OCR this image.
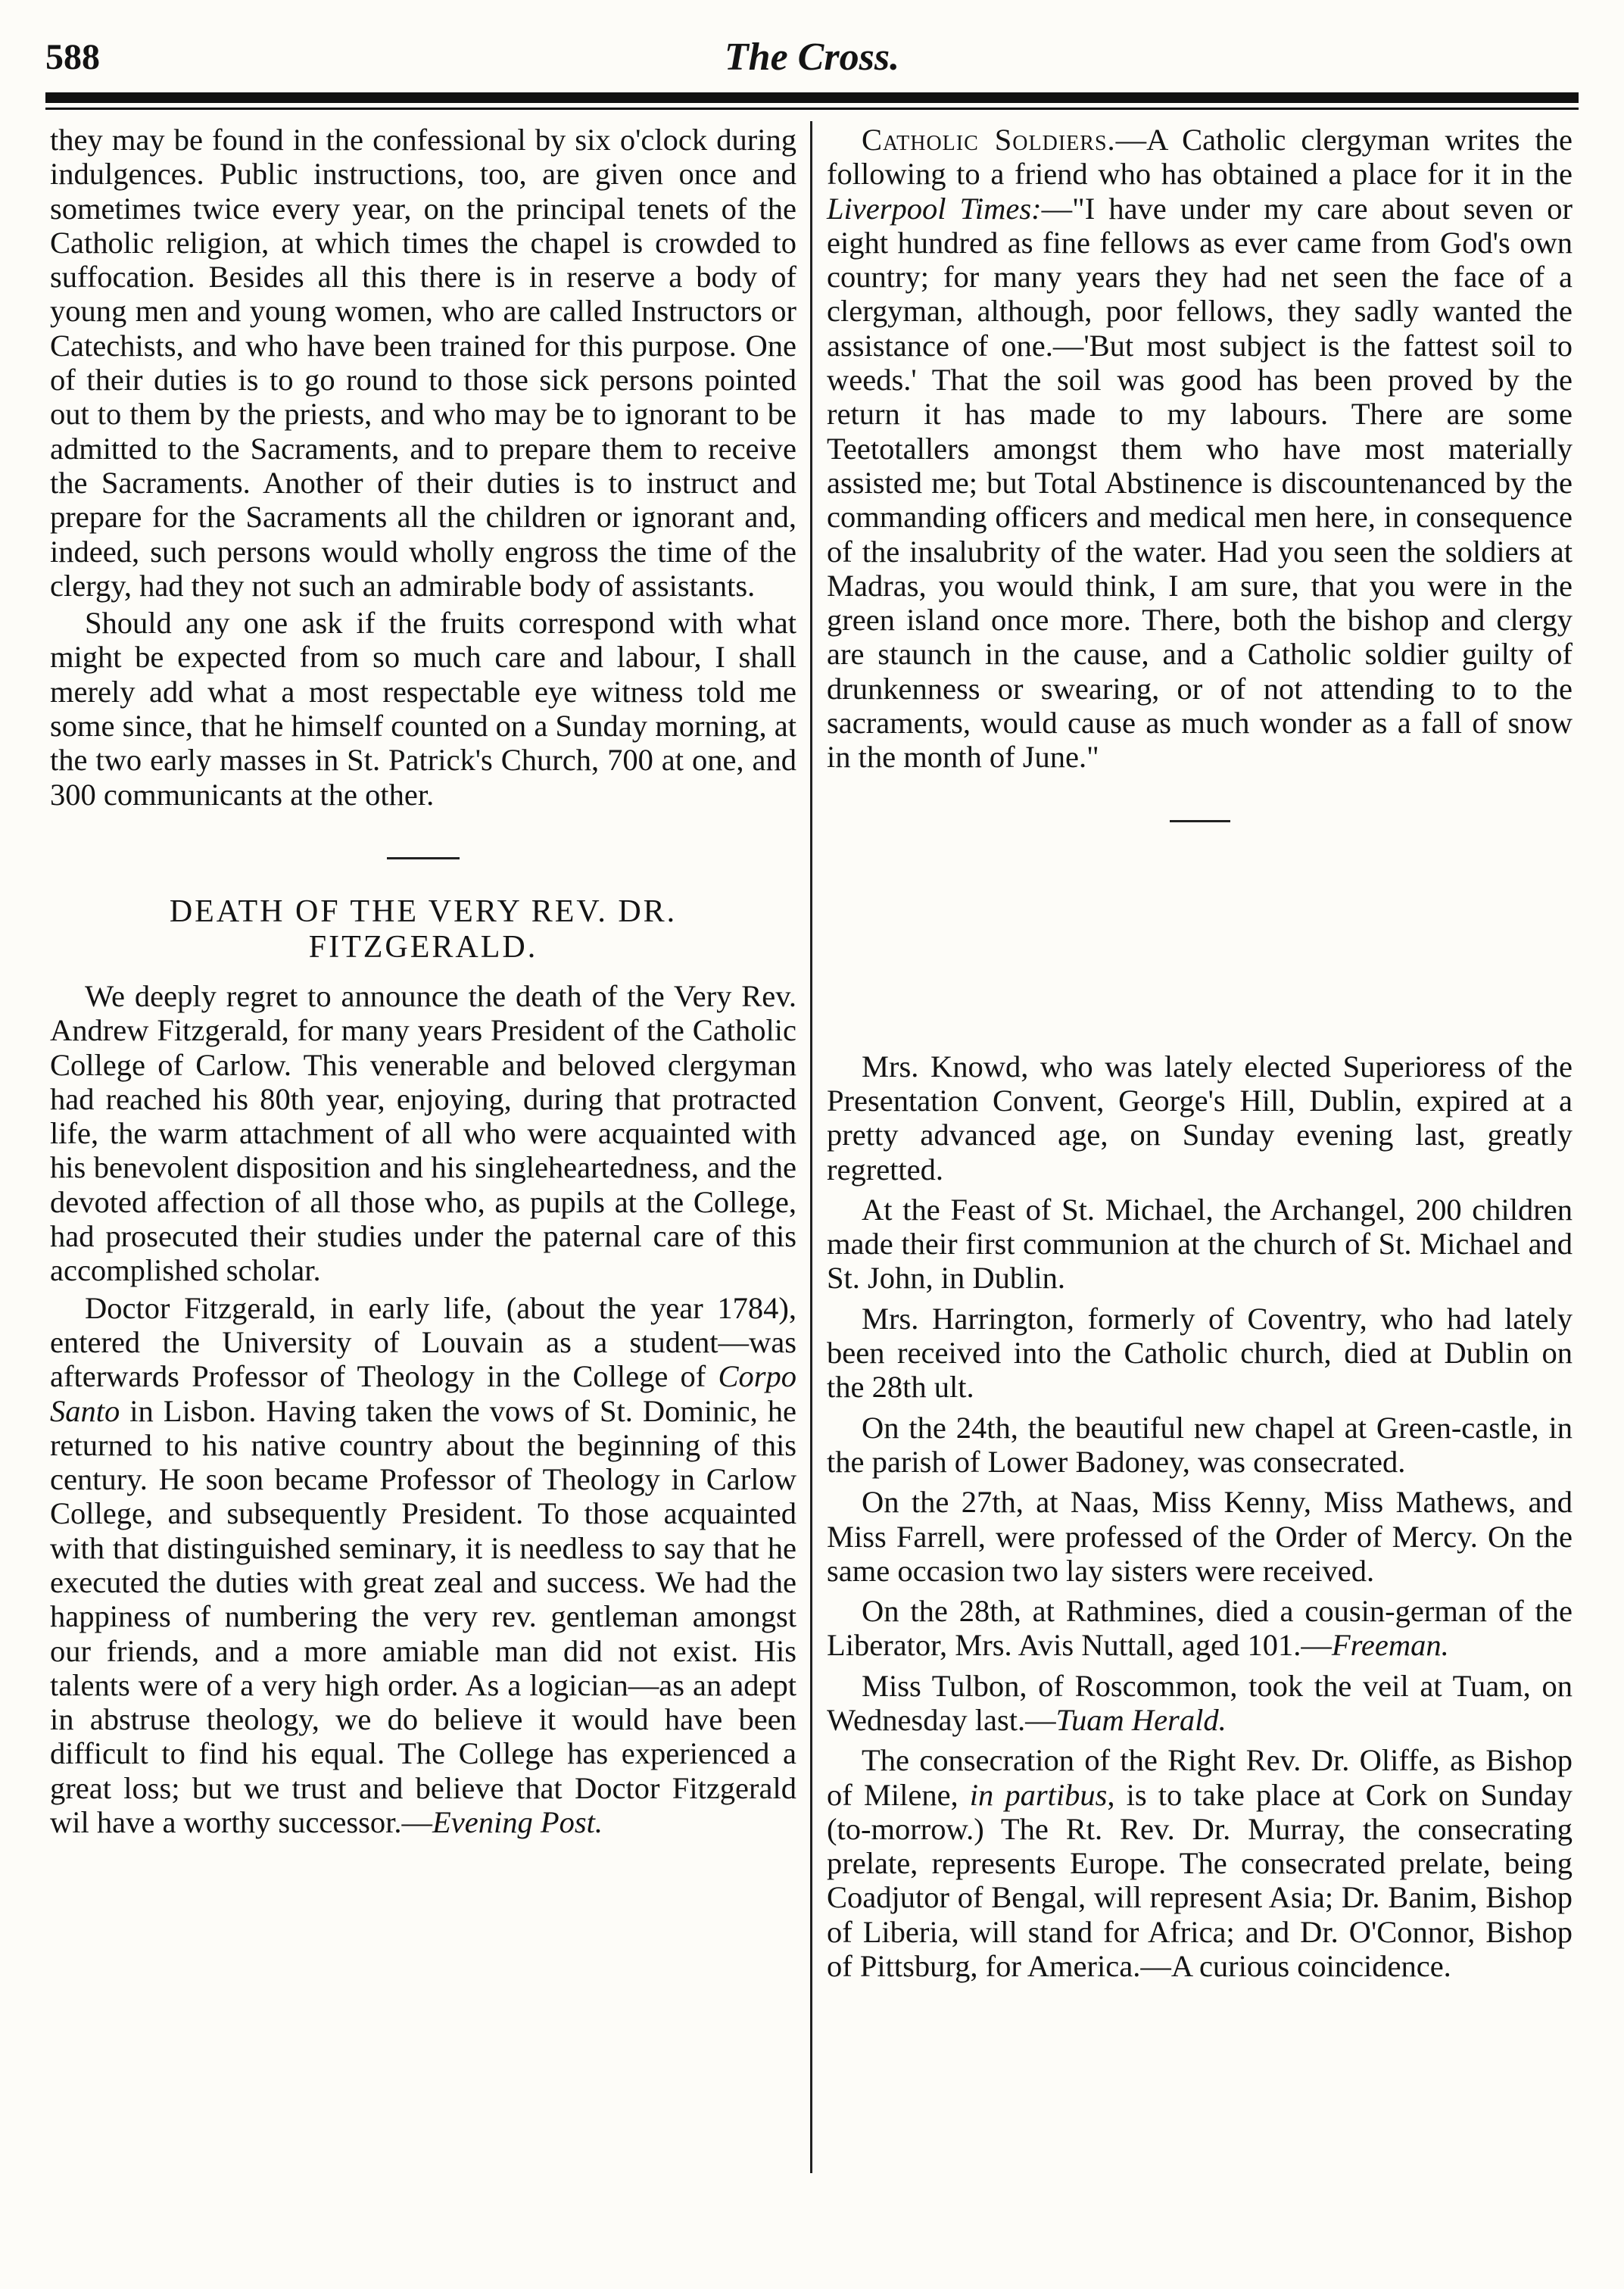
588	The Cross.

they may be found in the confessional by six o'clock during indulgences. Public instructions, too, are given once and sometimes twice every year, on the principal tenets of the Catholic religion, at which times the chapel is crowded to suffocation. Besides all this there is in reserve a body of young men and young women, who are called Instructors or Catechists, and who have been trained for this purpose. One of their duties is to go round to those sick persons pointed out to them by the priests, and who may be to ignorant to be admitted to the Sacraments, and to prepare them to receive the Sacraments. Another of their duties is to instruct and prepare for the Sacraments all the children or ignorant and, indeed, such persons would wholly engross the time of the clergy, had they not such an admirable body of assistants.

Should any one ask if the fruits correspond with what might be expected from so much care and labour, I shall merely add what a most respectable eye witness told me some since, that he himself counted on a Sunday morning, at the two early masses in St. Patrick's Church, 700 at one, and 300 communicants at the other.

DEATH OF THE VERY REV. DR. FITZGERALD.

We deeply regret to announce the death of the Very Rev. Andrew Fitzgerald, for many years President of the Catholic College of Carlow. This venerable and beloved clergyman had reached his 80th year, enjoying, during that protracted life, the warm attachment of all who were acquainted with his benevolent disposition and his singleheartedness, and the devoted affection of all those who, as pupils at the College, had prosecuted their studies under the paternal care of this accomplished scholar.

Doctor Fitzgerald, in early life, (about the year 1784), entered the University of Louvain as a student—was afterwards Professor of Theology in the College of Corpo Santo in Lisbon. Having taken the vows of St. Dominic, he returned to his native country about the beginning of this century. He soon became Professor of Theology in Carlow College, and subsequently President. To those acquainted with that distinguished seminary, it is needless to say that he executed the duties with great zeal and success. We had the happiness of numbering the very rev. gentleman amongst our friends, and a more amiable man did not exist. His talents were of a very high order. As a logician—as an adept in abstruse theology, we do believe it would have been difficult to find his equal. The College has experienced a great loss; but we trust and believe that Doctor Fitzgerald wil have a worthy successor.—Evening Post.

Catholic Soldiers.—A Catholic clergyman writes the following to a friend who has obtained a place for it in the Liverpool Times:—"I have under my care about seven or eight hundred as fine fellows as ever came from God's own country; for many years they had net seen the face of a clergyman, although, poor fellows, they sadly wanted the assistance of one.—'But most subject is the fattest soil to weeds.' That the soil was good has been proved by the return it has made to my labours. There are some Teetotallers amongst them who have most materially assisted me; but Total Abstinence is discountenanced by the commanding officers and medical men here, in consequence of the insalubrity of the water. Had you seen the soldiers at Madras, you would think, I am sure, that you were in the green island once more. There, both the bishop and clergy are staunch in the cause, and a Catholic soldier guilty of drunkenness or swearing, or of not attending to to the sacraments, would cause as much wonder as a fall of snow in the month of June."

Mrs. Knowd, who was lately elected Superioress of the Presentation Convent, George's Hill, Dublin, expired at a pretty advanced age, on Sunday evening last, greatly regretted.

At the Feast of St. Michael, the Archangel, 200 children made their first communion at the church of St. Michael and St. John, in Dublin.

Mrs. Harrington, formerly of Coventry, who had lately been received into the Catholic church, died at Dublin on the 28th ult.

On the 24th, the beautiful new chapel at Green-castle, in the parish of Lower Badoney, was consecrated.

On the 27th, at Naas, Miss Kenny, Miss Mathews, and Miss Farrell, were professed of the Order of Mercy. On the same occasion two lay sisters were received.

On the 28th, at Rathmines, died a cousin-german of the Liberator, Mrs. Avis Nuttall, aged 101.—Freeman.

Miss Tulbon, of Roscommon, took the veil at Tuam, on Wednesday last.—Tuam Herald.

The consecration of the Right Rev. Dr. Oliffe, as Bishop of Milene, in partibus, is to take place at Cork on Sunday (to-morrow.) The Rt. Rev. Dr. Murray, the consecrating prelate, represents Europe. The consecrated prelate, being Coadjutor of Bengal, will represent Asia; Dr. Banim, Bishop of Liberia, will stand for Africa; and Dr. O'Connor, Bishop of Pittsburg, for America.—A curious coincidence.
